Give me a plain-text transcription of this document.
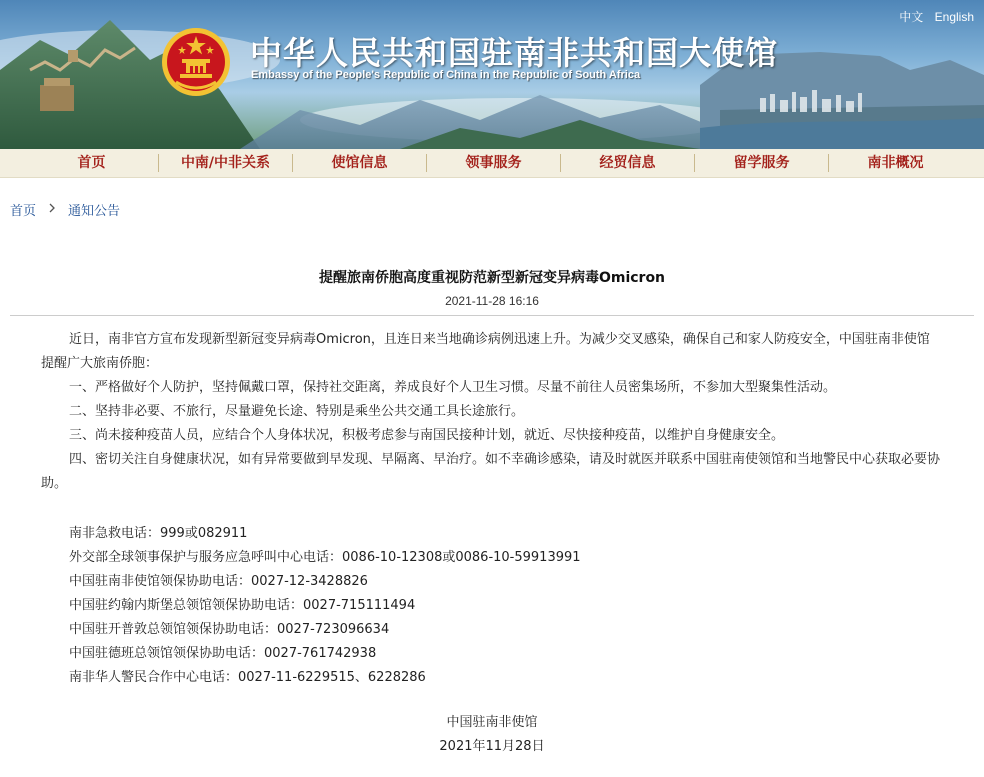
中华人民共和国驻南非共和国大使馆
Embassy of the People's Republic of China in the Republic of South Africa
中文 English
首页	中南/中非关系	使馆信息	领事服务	经贸信息	留学服务	南非概况
首页 通知公告
提醒旅南侨胞高度重视防范新型新冠变异病毒Omicron
2021-11-28 16:16

近日，南非官方宣布发现新型新冠变异病毒Omicron，且连日来当地确诊病例迅速上升。为减少交叉感染，确保自己和家人防疫安全，中国驻南非使馆提醒广大旅南侨胞：

一、严格做好个人防护，坚持佩戴口罩，保持社交距离，养成良好个人卫生习惯。尽量不前往人员密集场所，不参加大型聚集性活动。

二、坚持非必要、不旅行，尽量避免长途、特别是乘坐公共交通工具长途旅行。

三、尚未接种疫苗人员，应结合个人身体状况，积极考虑参与南国民接种计划，就近、尽快接种疫苗，以维护自身健康安全。

四、密切关注自身健康状况，如有异常要做到早发现、早隔离、早治疗。如不幸确诊感染，请及时就医并联系中国驻南使领馆和当地警民中心获取必要协助。

南非急救电话：999或082911

外交部全球领事保护与服务应急呼叫中心电话：0086-10-12308或0086-10-59913991

中国驻南非使馆领保协助电话：0027-12-3428826

中国驻约翰内斯堡总领馆领保协助电话：0027-715111494

中国驻开普敦总领馆领保协助电话：0027-723096634

中国驻德班总领馆领保协助电话：0027-761742938

南非华人警民合作中心电话：0027-11-6229515、6228286

中国驻南非使馆
2021年11月28日
